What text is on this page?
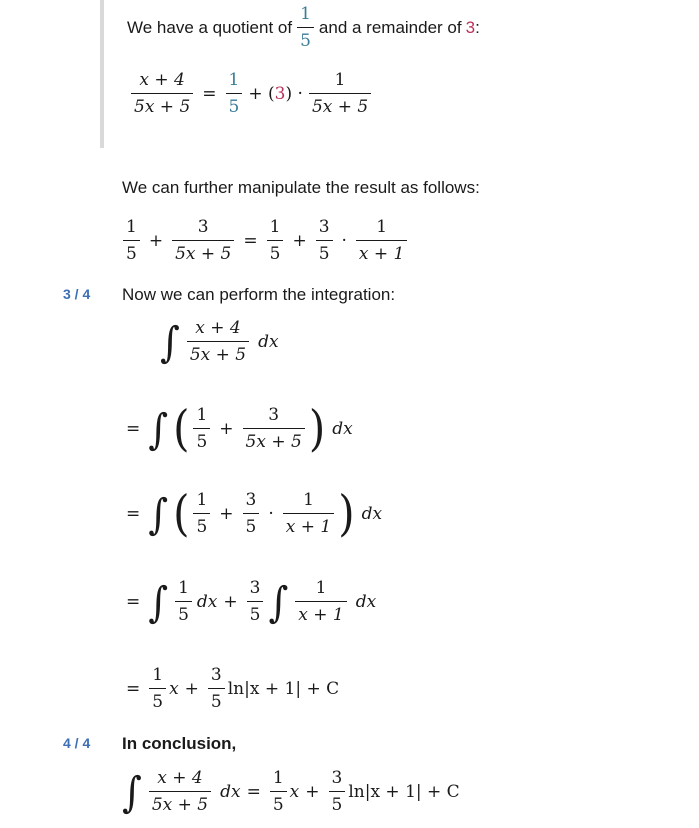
We have a quotient of $\frac{1}{5}$ and a remainder of 3 :
$\frac{x + 4}{5x + 5} = \frac{1}{5} + (3) \cdot \frac{1}{5x + 5}$
We can further manipulate the result as follows:
$\frac{1}{5} + \frac{3}{5x + 5} = \frac{1}{5} + \frac{3}{5} \cdot \frac{1}{x + 1}$
3 / 4 Now we can perform the integration:
∫ $\frac{x + 4}{5x + 5}$ dx
= ∫ ( $\frac{1}{5} + \frac{3}{5x + 5}$ ) dx
= ∫ ( $\frac{1}{5} + \frac{3}{5} \cdot \frac{1}{x + 1}$ ) dx
= ∫ $\frac{1}{5}$ dx + $\frac{3}{5}$ ∫ $\frac{1}{x + 1}$ dx
= $\frac{1}{5}$ $x + \frac{3}{5} \ln|x + 1| + C$
4 / 4 In conclusion,
∫ $\frac{x + 4}{5x + 5}$ dx = $\frac{1}{5}$ $x + \frac{3}{5} \ln|x + 1| + C$
